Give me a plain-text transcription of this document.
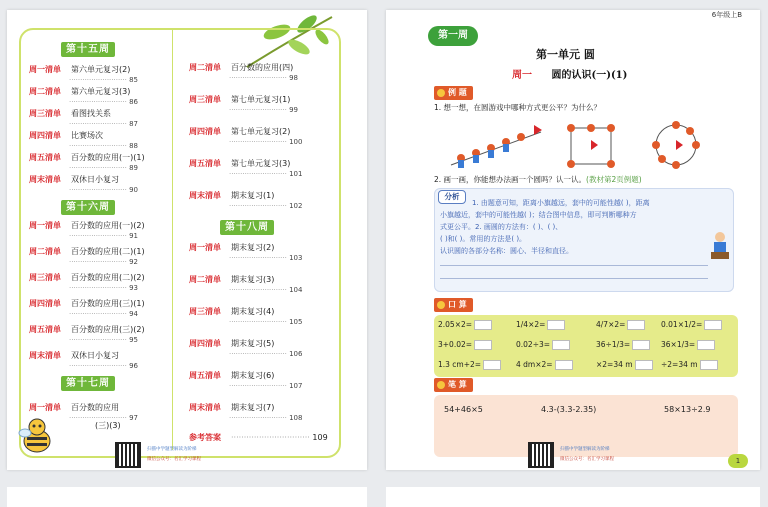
第十五周
第十六周
第十八周
第十七周
周一清单 第六单元复习(2)
·························· 85
周二清单 第六单元复习(3)
·························· 86
周三清单 看图找关系
·························· 87
周四清单 比赛场次
·························· 88
周五清单 百分数的应用(一)(1)
·························· 89
周末清单 双休日小复习
·························· 90
周一清单 百分数的应用(一)(2)
·························· 91
周二清单 百分数的应用(二)(1)
·························· 92
周三清单 百分数的应用(二)(2)
·························· 93
周四清单 百分数的应用(三)(1)
·························· 94
周五清单 百分数的应用(三)(2)
·························· 95
周末清单 双休日小复习
·························· 96
周一清单 百分数的应用
·························· 97
(三)(3)
周二清单 百分数的应用(四)
·························· 98
周三清单 第七单元复习(1)
·························· 99
周四清单 第七单元复习(2)
·························· 100
周五清单 第七单元复习(3)
·························· 101
周末清单 期末复习(1)
·························· 102
周一清单 期末复习(2)
·························· 103
周二清单 期末复习(3)
·························· 104
周三清单 期末复习(4)
·························· 105
周四清单 期末复习(5)
·························· 106
周五清单 期末复习(6)
·························· 107
周末清单 期末复习(7)
·························· 108
参考答案 ······························· 109
扫描中学题型解读为阶梯
微信公众号：名汇学习课程
6年级上B
第一周
第一单元 圆
周一 圆的认识(一)(1)
例 题
1. 想一想，在圆游戏中哪种方式更公平？为什么？
2. 画一画，你能想办法画一个圆吗？认一认。(教材第2页例题)
分析
1. 由题意可知，距离小旗越远，套中的可能性越( )，距离
小旗越近，套中的可能性越( )；结合图中信息，即可判断哪种方
式更公平。2. 画圆的方法有：( )、( )、
( )和( )。常用的方法是( )。
认识圆的各部分名称：圆心、半径和直径。
口 算
2.05×2=	1/4×2=	4/7×2=	0.01×1/2=
3+0.02=	0.02÷3=	36÷1/3=	36×1/3=
1.3 cm+2=	4 dm×2=	×2=34 m	÷2=34 m
笔 算
54+46×5	4.3-(3.3-2.35)	58×13÷2.9
扫描中学题型解读为阶梯
微信公众号：名汇学习课程	1
